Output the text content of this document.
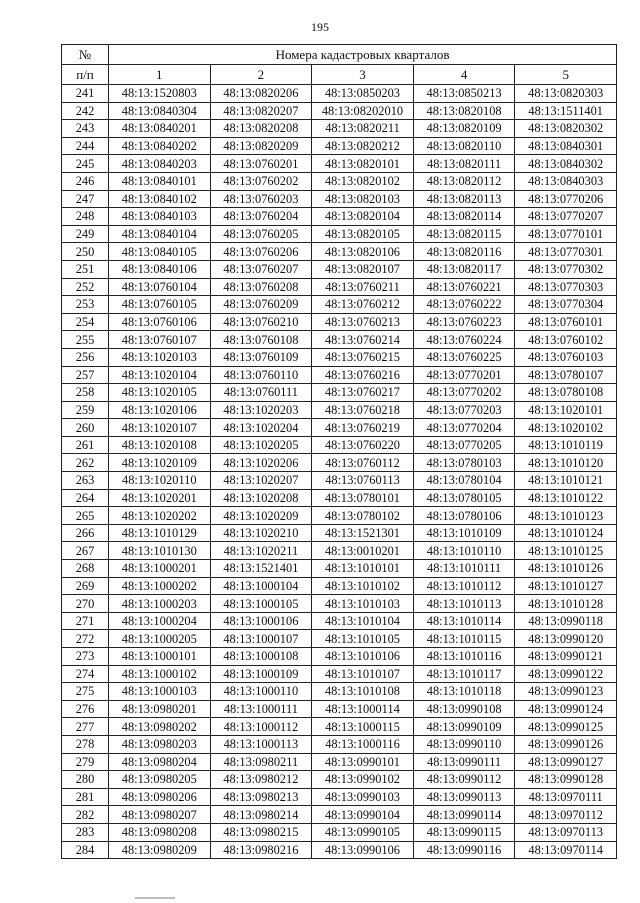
195
№	Номера кадастровых кварталов				
п/п	1	2	3	4	5
241	48:13:1520803	48:13:0820206	48:13:0850203	48:13:0850213	48:13:0820303
242	48:13:0840304	48:13:0820207	48:13:08202010	48:13:0820108	48:13:1511401
243	48:13:0840201	48:13:0820208	48:13:0820211	48:13:0820109	48:13:0820302
244	48:13:0840202	48:13:0820209	48:13:0820212	48:13:0820110	48:13:0840301
245	48:13:0840203	48:13:0760201	48:13:0820101	48:13:0820111	48:13:0840302
246	48:13:0840101	48:13:0760202	48:13:0820102	48:13:0820112	48:13:0840303
247	48:13:0840102	48:13:0760203	48:13:0820103	48:13:0820113	48:13:0770206
248	48:13:0840103	48:13:0760204	48:13:0820104	48:13:0820114	48:13:0770207
249	48:13:0840104	48:13:0760205	48:13:0820105	48:13:0820115	48:13:0770101
250	48:13:0840105	48:13:0760206	48:13:0820106	48:13:0820116	48:13:0770301
251	48:13:0840106	48:13:0760207	48:13:0820107	48:13:0820117	48:13:0770302
252	48:13:0760104	48:13:0760208	48:13:0760211	48:13:0760221	48:13:0770303
253	48:13:0760105	48:13:0760209	48:13:0760212	48:13:0760222	48:13:0770304
254	48:13:0760106	48:13:0760210	48:13:0760213	48:13:0760223	48:13:0760101
255	48:13:0760107	48:13:0760108	48:13:0760214	48:13:0760224	48:13:0760102
256	48:13:1020103	48:13:0760109	48:13:0760215	48:13:0760225	48:13:0760103
257	48:13:1020104	48:13:0760110	48:13:0760216	48:13:0770201	48:13:0780107
258	48:13:1020105	48:13:0760111	48:13:0760217	48:13:0770202	48:13:0780108
259	48:13:1020106	48:13:1020203	48:13:0760218	48:13:0770203	48:13:1020101
260	48:13:1020107	48:13:1020204	48:13:0760219	48:13:0770204	48:13:1020102
261	48:13:1020108	48:13:1020205	48:13:0760220	48:13:0770205	48:13:1010119
262	48:13:1020109	48:13:1020206	48:13:0760112	48:13:0780103	48:13:1010120
263	48:13:1020110	48:13:1020207	48:13:0760113	48:13:0780104	48:13:1010121
264	48:13:1020201	48:13:1020208	48:13:0780101	48:13:0780105	48:13:1010122
265	48:13:1020202	48:13:1020209	48:13:0780102	48:13:0780106	48:13:1010123
266	48:13:1010129	48:13:1020210	48:13:1521301	48:13:1010109	48:13:1010124
267	48:13:1010130	48:13:1020211	48:13:0010201	48:13:1010110	48:13:1010125
268	48:13:1000201	48:13:1521401	48:13:1010101	48:13:1010111	48:13:1010126
269	48:13:1000202	48:13:1000104	48:13:1010102	48:13:1010112	48:13:1010127
270	48:13:1000203	48:13:1000105	48:13:1010103	48:13:1010113	48:13:1010128
271	48:13:1000204	48:13:1000106	48:13:1010104	48:13:1010114	48:13:0990118
272	48:13:1000205	48:13:1000107	48:13:1010105	48:13:1010115	48:13:0990120
273	48:13:1000101	48:13:1000108	48:13:1010106	48:13:1010116	48:13:0990121
274	48:13:1000102	48:13:1000109	48:13:1010107	48:13:1010117	48:13:0990122
275	48:13:1000103	48:13:1000110	48:13:1010108	48:13:1010118	48:13:0990123
276	48:13:0980201	48:13:1000111	48:13:1000114	48:13:0990108	48:13:0990124
277	48:13:0980202	48:13:1000112	48:13:1000115	48:13:0990109	48:13:0990125
278	48:13:0980203	48:13:1000113	48:13:1000116	48:13:0990110	48:13:0990126
279	48:13:0980204	48:13:0980211	48:13:0990101	48:13:0990111	48:13:0990127
280	48:13:0980205	48:13:0980212	48:13:0990102	48:13:0990112	48:13:0990128
281	48:13:0980206	48:13:0980213	48:13:0990103	48:13:0990113	48:13:0970111
282	48:13:0980207	48:13:0980214	48:13:0990104	48:13:0990114	48:13:0970112
283	48:13:0980208	48:13:0980215	48:13:0990105	48:13:0990115	48:13:0970113
284	48:13:0980209	48:13:0980216	48:13:0990106	48:13:0990116	48:13:0970114
